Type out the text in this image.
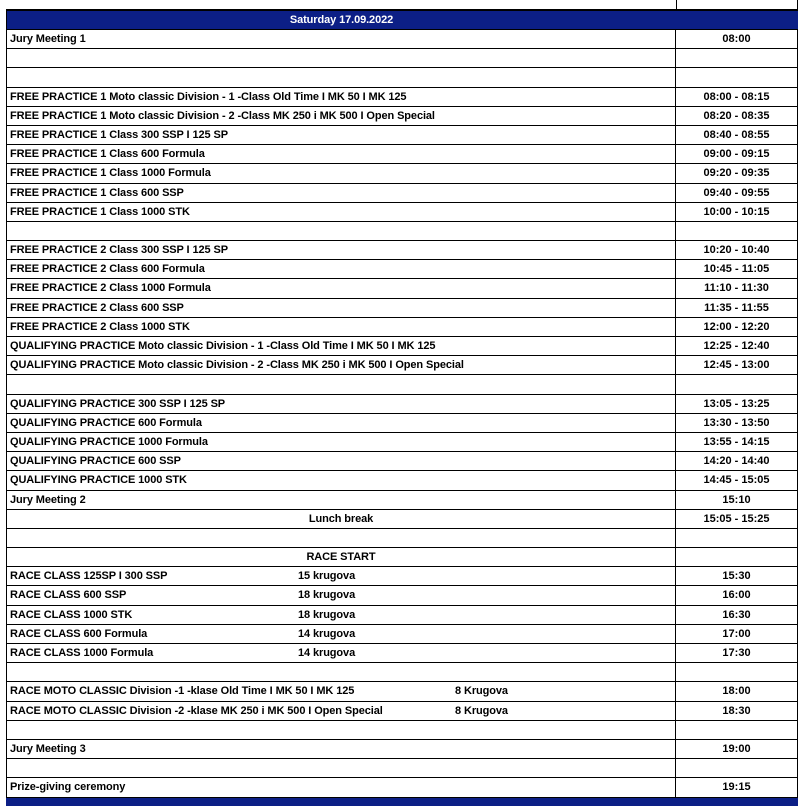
Saturday 17.09.2022
Jury Meeting 1	08:00
FREE PRACTICE 1 Moto classic Division - 1 -Class Old Time I MK 50 I MK 125	08:00 - 08:15
FREE PRACTICE 1 Moto classic Division - 2 -Class MK 250 i MK 500 I Open Special	08:20 - 08:35
FREE PRACTICE 1 Class 300 SSP I 125 SP	08:40 - 08:55
FREE PRACTICE 1 Class 600 Formula	09:00 - 09:15
FREE PRACTICE 1 Class 1000 Formula	09:20 - 09:35
FREE PRACTICE 1 Class 600 SSP	09:40 - 09:55
FREE PRACTICE 1 Class 1000 STK	10:00 - 10:15
FREE PRACTICE 2 Class 300 SSP I 125 SP	10:20 - 10:40
FREE PRACTICE 2 Class 600 Formula	10:45 - 11:05
FREE PRACTICE 2 Class 1000 Formula	11:10 - 11:30
FREE PRACTICE 2 Class 600 SSP	11:35 - 11:55
FREE PRACTICE 2 Class 1000 STK	12:00 - 12:20
QUALIFYING PRACTICE Moto classic Division - 1 -Class Old Time I MK 50 I MK 125	12:25 - 12:40
QUALIFYING PRACTICE Moto classic Division - 2 -Class MK 250 i MK 500 I Open Special	12:45 - 13:00
QUALIFYING PRACTICE 300 SSP I 125 SP	13:05 - 13:25
QUALIFYING PRACTICE 600 Formula	13:30 - 13:50
QUALIFYING PRACTICE 1000 Formula	13:55 - 14:15
QUALIFYING PRACTICE 600 SSP	14:20 - 14:40
QUALIFYING PRACTICE 1000 STK	14:45 - 15:05
Jury Meeting 2	15:10
Lunch break	15:05 - 15:25
RACE START
RACE CLASS 125SP I 300 SSP	15 krugova	15:30
RACE CLASS 600 SSP	18 krugova	16:00
RACE CLASS 1000 STK	18 krugova	16:30
RACE CLASS 600 Formula	14 krugova	17:00
RACE CLASS 1000 Formula	14 krugova	17:30
RACE MOTO CLASSIC Division -1 -klase Old Time I MK 50 I MK 125	8 Krugova	18:00
RACE MOTO CLASSIC Division -2 -klase MK 250 i MK 500 I Open Special	8 Krugova	18:30
Jury Meeting 3	19:00
Prize-giving ceremony	19:15
